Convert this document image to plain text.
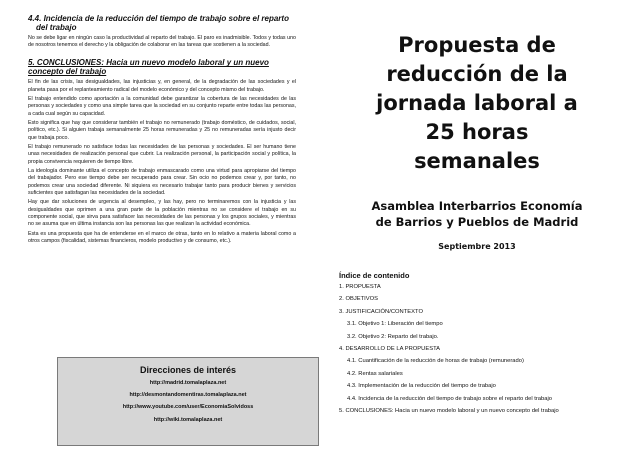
4.4. Incidencia de la reducción del tiempo de trabajo sobre el reparto
del trabajo

No se debe ligar en ningún caso la productividad al reparto del trabajo. El paro es inadmisible. Todos y todas uno de nosotros tenemos el derecho y la obligación de colaborar en las tareas que sostienen a la sociedad.

5. CONCLUSIONES: Hacia un nuevo modelo laboral y un nuevo concepto del trabajo

El fin de las crisis, las desigualdades, las injusticias y, en general, de la degradación de las sociedades y el planeta pasa por el replanteamiento radical del modelo económico y del concepto mismo del trabajo.

El trabajo entendido como aportación a la comunidad debe garantizar la cobertura de las necesidades de las personas y sociedades y como una simple tarea que la sociedad en su conjunto reparte entre todas las personas, a cada cual según su capacidad.

Esto significa que hay que considerar también el trabajo no remunerado (trabajo doméstico, de cuidados, social, político, etc.). Si alguien trabaja semanalmente 25 horas remuneradas y 25 no remuneradas sería injusto decir que trabaja poco.

El trabajo remunerado no satisface todas las necesidades de las personas y sociedades. El ser humano tiene unas necesidades de realización personal que cubrir. La realización personal, la participación social y política, la propia convivencia requieren de tiempo libre.

La ideología dominante utiliza el concepto de trabajo enmascarado como una virtud para apropiarse del tiempo del trabajador. Pero ese tiempo debe ser recuperado para crear. Sin ocio no podemos crear y, por tanto, no podemos crear una sociedad diferente. Ni siquiera es necesario trabajar tanto para producir bienes y servicios suficientes que satisfagan las necesidades de la sociedad.

Hay que dar soluciones de urgencia al desempleo, y las hay, pero no terminaremos con la injusticia y las desigualdades que oprimen a una gran parte de la población mientras no se considere el trabajo en su componente social, que sirva para satisfacer las necesidades de las personas y los grupos sociales, y mientras no se asuma que en última instancia son las personas las que realizan la actividad económica.

Esta es una propuesta que ha de entenderse en el marco de otras, tanto en lo relativo a materia laboral como a otros campos (fiscalidad, sistemas financieros, modelo productivo y de consumo, etc.).

Direcciones de interés
http://madrid.tomalaplaza.net
http://desmontandomentiras.tomalaplaza.net
http://www.youtube.com/user/EconomiaSolvidoss
http://wiki.tomalaplaza.net
Propuesta de
reducción de la
jornada laboral a
25 horas
semanales
Asamblea Interbarrios Economía
de Barrios y Pueblos de Madrid
Septiembre 2013
Índice de contenido
1. PROPUESTA
2. OBJETIVOS
3. JUSTIFICACIÓN/CONTEXTO
3.1. Objetivo 1: Liberación del tiempo
3.2. Objetivo 2: Reparto del trabajo.
4. DESARROLLO DE LA PROPUESTA
4.1. Cuantificación de la reducción de horas de trabajo (remunerado)
4.2. Rentas salariales
4.3. Implementación de la reducción del tiempo de trabajo
4.4. Incidencia de la reducción del tiempo de trabajo sobre el reparto del trabajo
5. CONCLUSIONES: Hacia un nuevo modelo laboral y un nuevo concepto del trabajo
